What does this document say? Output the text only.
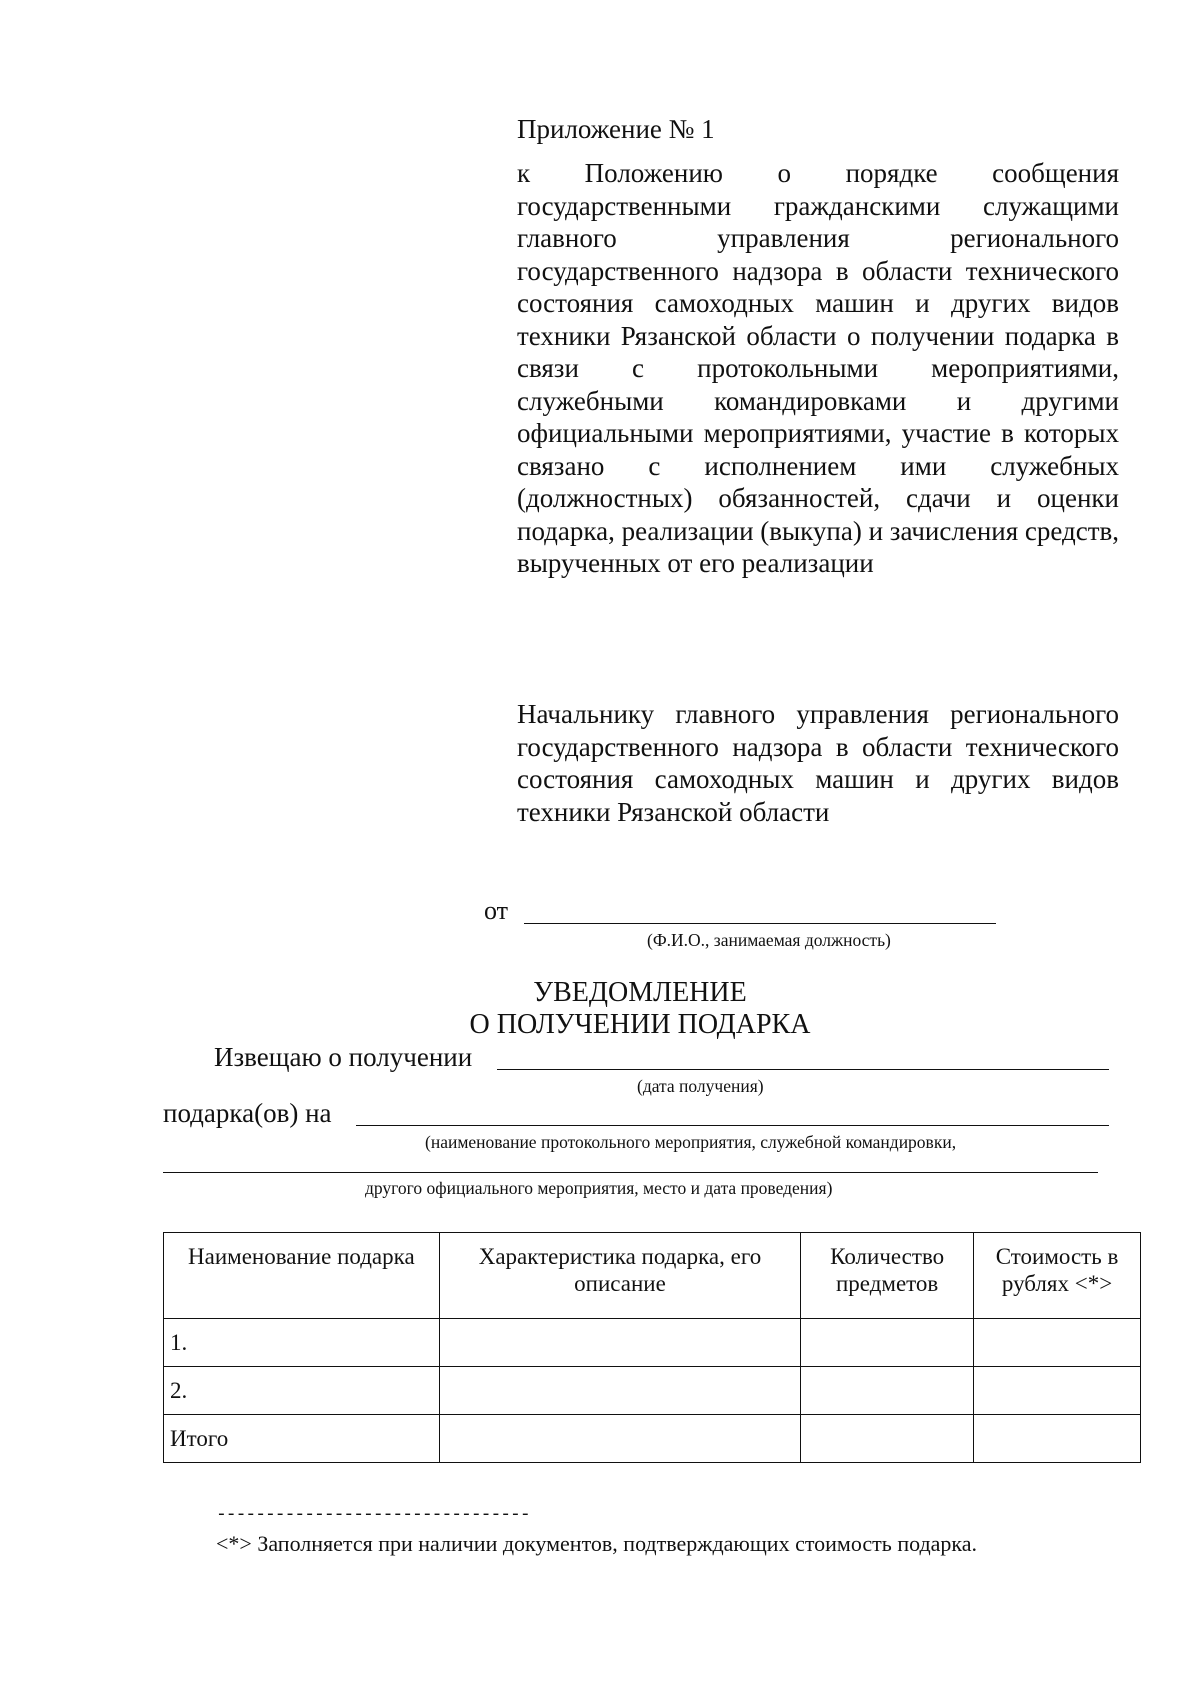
Приложение № 1
к Положению о порядке сообщения государственными гражданскими служащими главного управления регионального государственного надзора в области технического состояния самоходных машин и других видов техники Рязанской области о получении подарка в связи с протокольными мероприятиями, служебными командировками и другими официальными мероприятиями, участие в которых связано с исполнением ими служебных (должностных) обязанностей, сдачи и оценки подарка, реализации (выкупа) и зачисления средств, вырученных от его реализации
Начальнику главного управления регионального государственного надзора в области технического состояния самоходных машин и других видов техники Рязанской области
от
(Ф.И.О., занимаемая должность)
УВЕДОМЛЕНИЕ
О ПОЛУЧЕНИИ ПОДАРКА
Извещаю о получении
(дата получения)
подарка(ов) на
(наименование протокольного мероприятия, служебной командировки,
другого официального мероприятия, место и дата проведения)
Наименование подарка	Характеристика подарка, его описание	Количество предметов	Стоимость в рублях <*>
1.			
2.			
Итого			
--------------------------------
<*> Заполняется при наличии документов, подтверждающих стоимость подарка.
